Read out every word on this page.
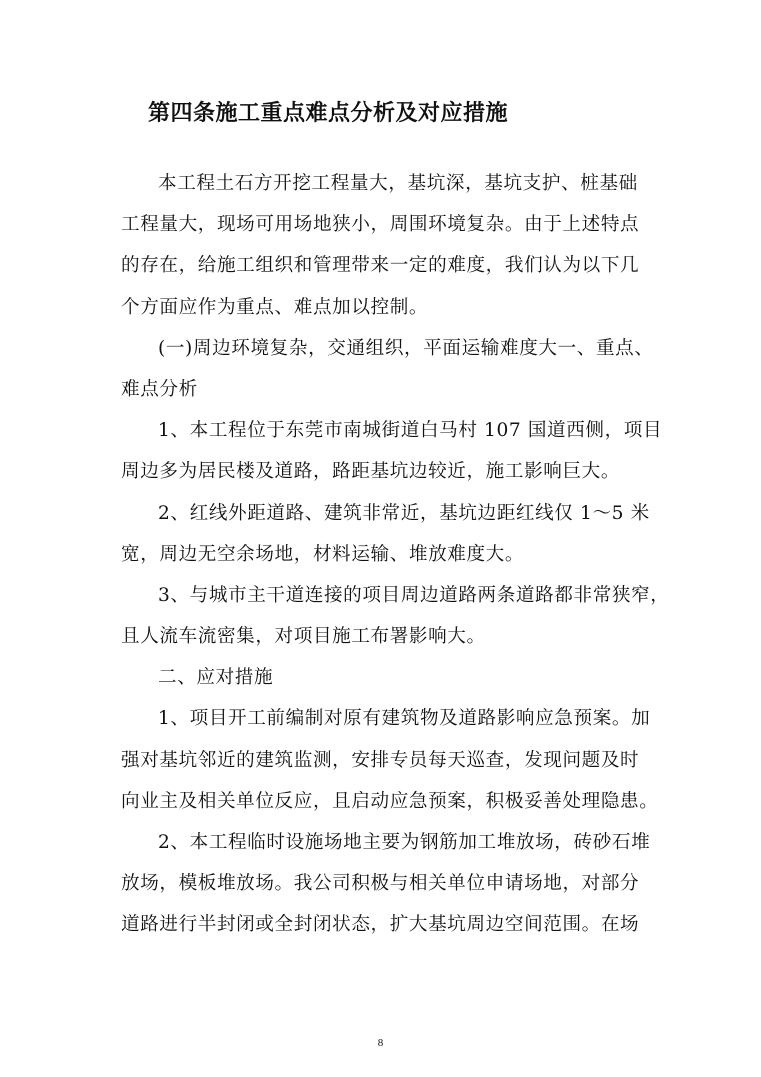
第四条施工重点难点分析及对应措施
本工程土石方开挖工程量大，基坑深，基坑支护、桩基础
工程量大，现场可用场地狭小，周围环境复杂。由于上述特点
的存在，给施工组织和管理带来一定的难度，我们认为以下几
个方面应作为重点、难点加以控制。
(一)周边环境复杂，交通组织，平面运输难度大一、重点、
难点分析
1、本工程位于东莞市南城街道白马村 107 国道西侧，项目
周边多为居民楼及道路，路距基坑边较近，施工影响巨大。
2、红线外距道路、建筑非常近，基坑边距红线仅 1～5 米
宽，周边无空余场地，材料运输、堆放难度大。
3、与城市主干道连接的项目周边道路两条道路都非常狭窄，
且人流车流密集，对项目施工布署影响大。
二、应对措施
1、项目开工前编制对原有建筑物及道路影响应急预案。加
强对基坑邻近的建筑监测，安排专员每天巡查，发现问题及时
向业主及相关单位反应，且启动应急预案，积极妥善处理隐患。
2、本工程临时设施场地主要为钢筋加工堆放场，砖砂石堆
放场，模板堆放场。我公司积极与相关单位申请场地，对部分
道路进行半封闭或全封闭状态，扩大基坑周边空间范围。在场
8
